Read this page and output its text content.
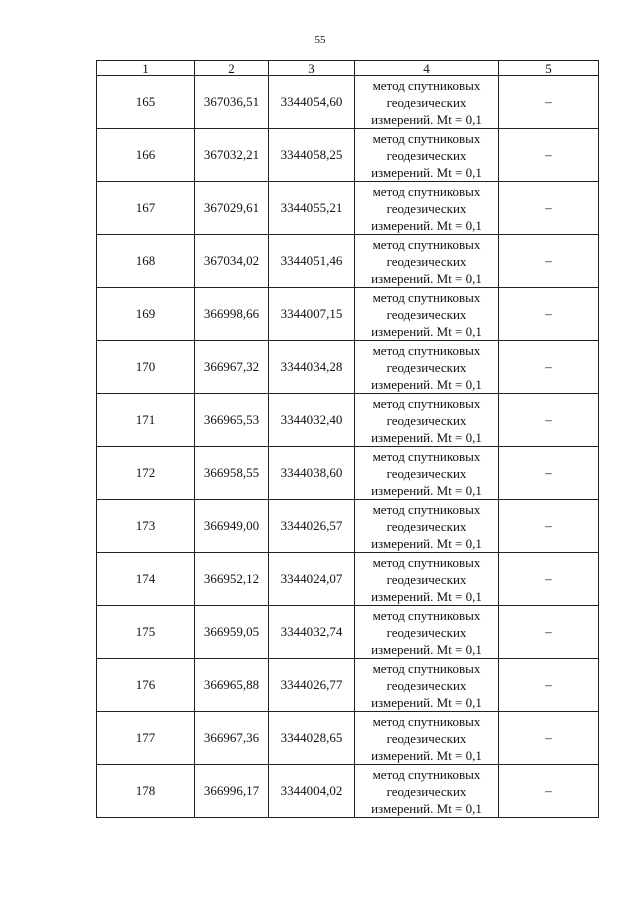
55
1	2	3	4	5
165	367036,51	3344054,60	метод спутниковых
геодезических
измерений. Mt = 0,1	–
166	367032,21	3344058,25	метод спутниковых
геодезических
измерений. Mt = 0,1	–
167	367029,61	3344055,21	метод спутниковых
геодезических
измерений. Mt = 0,1	–
168	367034,02	3344051,46	метод спутниковых
геодезических
измерений. Mt = 0,1	–
169	366998,66	3344007,15	метод спутниковых
геодезических
измерений. Mt = 0,1	–
170	366967,32	3344034,28	метод спутниковых
геодезических
измерений. Mt = 0,1	–
171	366965,53	3344032,40	метод спутниковых
геодезических
измерений. Mt = 0,1	–
172	366958,55	3344038,60	метод спутниковых
геодезических
измерений. Mt = 0,1	–
173	366949,00	3344026,57	метод спутниковых
геодезических
измерений. Mt = 0,1	–
174	366952,12	3344024,07	метод спутниковых
геодезических
измерений. Mt = 0,1	–
175	366959,05	3344032,74	метод спутниковых
геодезических
измерений. Mt = 0,1	–
176	366965,88	3344026,77	метод спутниковых
геодезических
измерений. Mt = 0,1	–
177	366967,36	3344028,65	метод спутниковых
геодезических
измерений. Mt = 0,1	–
178	366996,17	3344004,02	метод спутниковых
геодезических
измерений. Mt = 0,1	–
